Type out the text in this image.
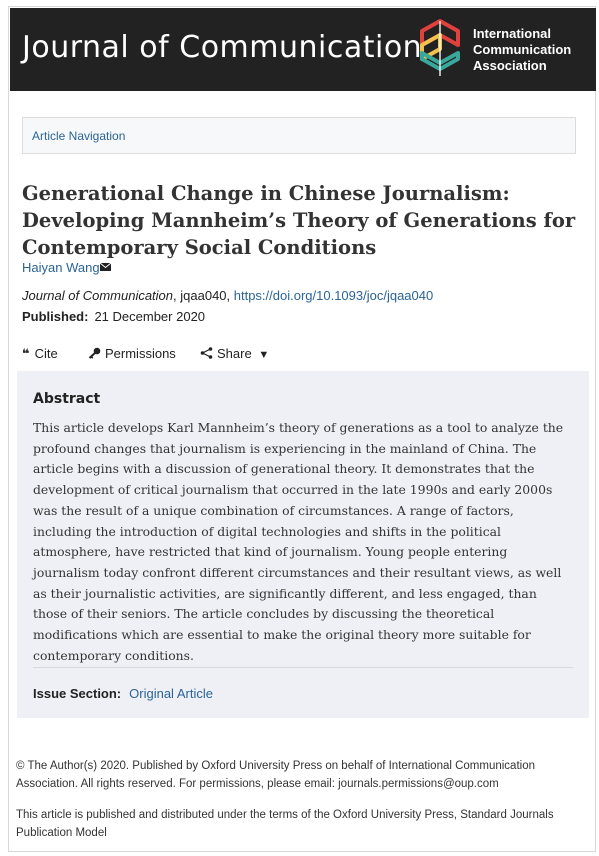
Journal of Communication	International
Communication
Association
Article Navigation
Generational Change in Chinese Journalism: Developing Mannheim’s Theory of Generations for Contemporary Social Conditions
Haiyan Wang
Journal of Communication, jqaa040, https://doi.org/10.1093/joc/jqaa040
Published: 21 December 2020
❝ Cite	Permissions	Share ▼
Abstract
This article develops Karl Mannheim’s theory of generations as a tool to analyze the profound changes that journalism is experiencing in the mainland of China. The article begins with a discussion of generational theory. It demonstrates that the development of critical journalism that occurred in the late 1990s and early 2000s was the result of a unique combination of circumstances. A range of factors, including the introduction of digital technologies and shifts in the political atmosphere, have restricted that kind of journalism. Young people entering journalism today confront different circumstances and their resultant views, as well as their journalistic activities, are significantly different, and less engaged, than those of their seniors. The article concludes by discussing the theoretical modifications which are essential to make the original theory more suitable for contemporary conditions.
Issue Section: Original Article
© The Author(s) 2020. Published by Oxford University Press on behalf of International Communication Association. All rights reserved. For permissions, please email: journals.permissions@oup.com
This article is published and distributed under the terms of the Oxford University Press, Standard Journals Publication Model
